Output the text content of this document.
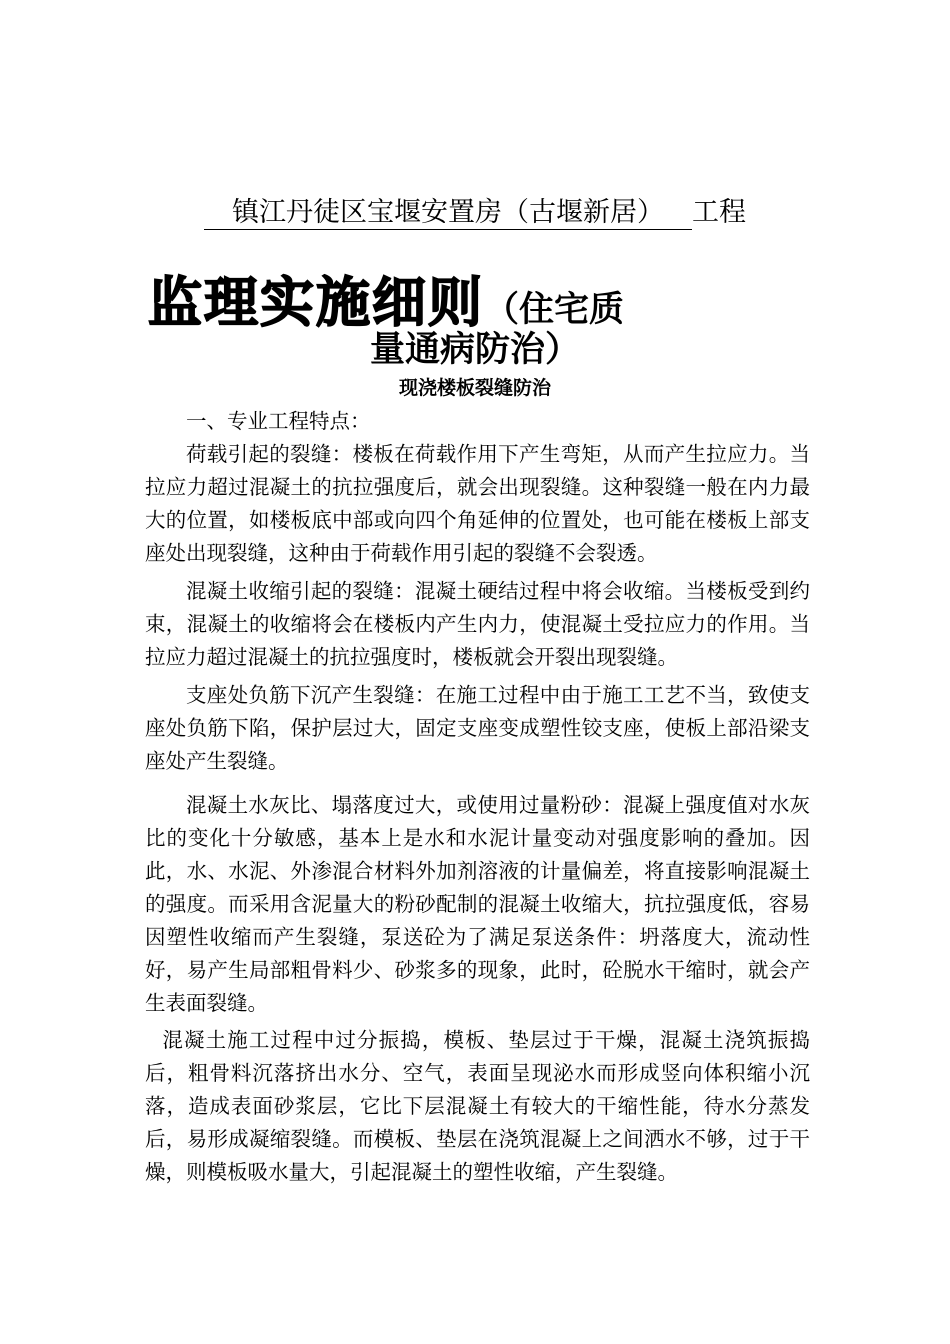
镇江丹徒区宝堰安置房（古堰新居） 工程
监理实施细则（住宅质
量通病防治）
现浇楼板裂缝防治

一、专业工程特点：

荷载引起的裂缝：楼板在荷载作用下产生弯矩，从而产生拉应力。当拉应力超过混凝土的抗拉强度后，就会出现裂缝。这种裂缝一般在内力最大的位置，如楼板底中部或向四个角延伸的位置处，也可能在楼板上部支座处出现裂缝，这种由于荷载作用引起的裂缝不会裂透。

混凝土收缩引起的裂缝：混凝土硬结过程中将会收缩。当楼板受到约束，混凝土的收缩将会在楼板内产生内力，使混凝土受拉应力的作用。当拉应力超过混凝土的抗拉强度时，楼板就会开裂出现裂缝。

支座处负筋下沉产生裂缝：在施工过程中由于施工工艺不当，致使支座处负筋下陷，保护层过大，固定支座变成塑性铰支座，使板上部沿梁支座处产生裂缝。

混凝土水灰比、塌落度过大，或使用过量粉砂：混凝上强度值对水灰比的变化十分敏感，基本上是水和水泥计量变动对强度影响的叠加。因此，水、水泥、外渗混合材料外加剂溶液的计量偏差，将直接影响混凝土的强度。而采用含泥量大的粉砂配制的混凝土收缩大，抗拉强度低，容易因塑性收缩而产生裂缝，泵送砼为了满足泵送条件：坍落度大，流动性好，易产生局部粗骨料少、砂浆多的现象，此时，砼脱水干缩时，就会产生表面裂缝。

混凝土施工过程中过分振捣，模板、垫层过于干燥，混凝土浇筑振捣后，粗骨料沉落挤出水分、空气，表面呈现泌水而形成竖向体积缩小沉落，造成表面砂浆层，它比下层混凝土有较大的干缩性能，待水分蒸发后，易形成凝缩裂缝。而模板、垫层在浇筑混凝上之间洒水不够，过于干燥，则模板吸水量大，引起混凝土的塑性收缩，产生裂缝。
